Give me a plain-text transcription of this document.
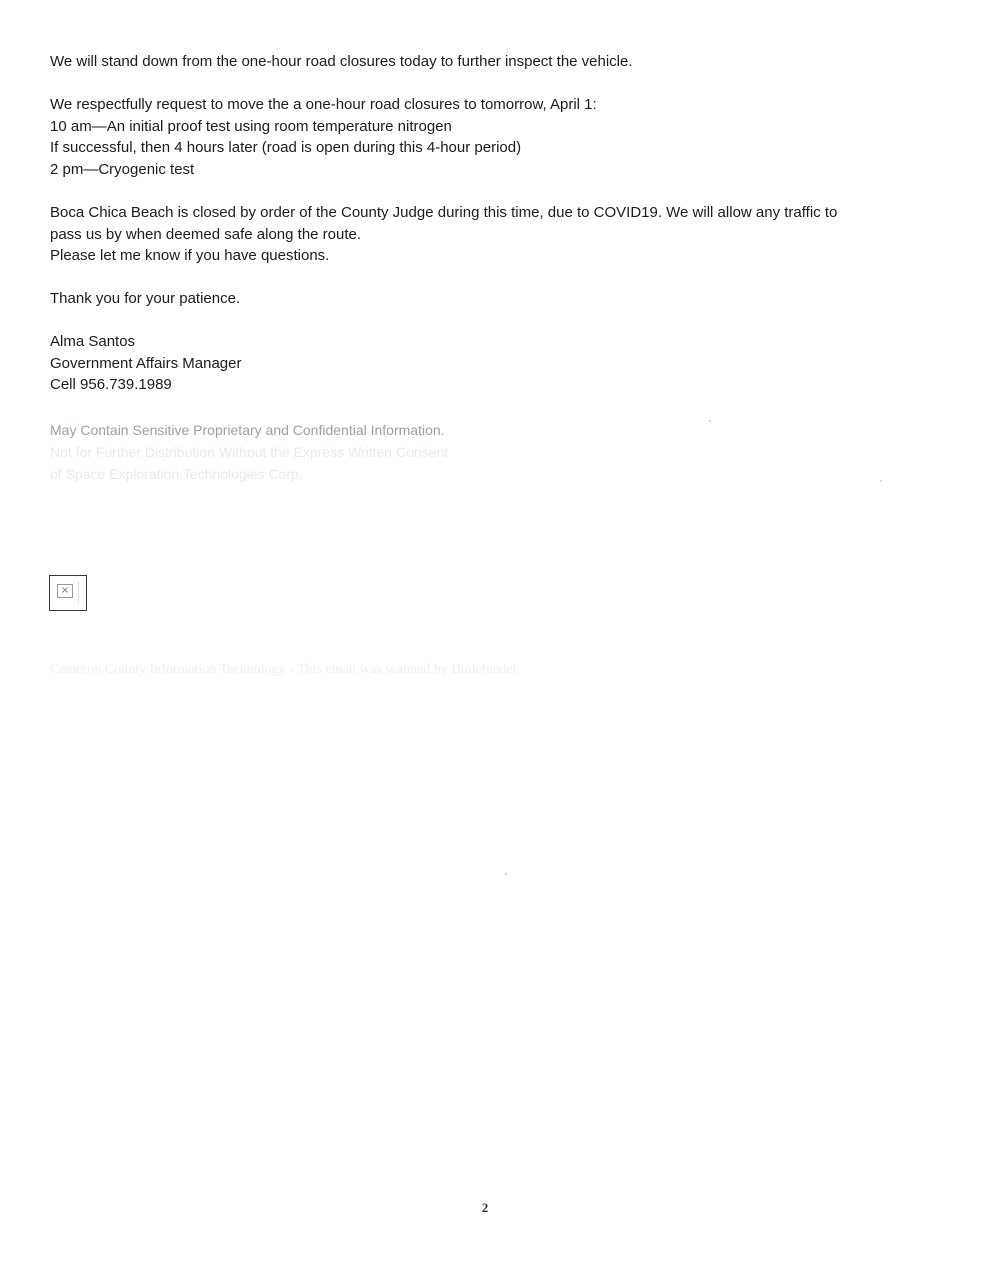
We will stand down from the one-hour road closures today to further inspect the vehicle.
We respectfully request to move the a one-hour road closures to tomorrow, April 1:
10 am—An initial proof test using room temperature nitrogen
If successful, then 4 hours later (road is open during this 4-hour period)
2 pm—Cryogenic test
Boca Chica Beach is closed by order of the County Judge during this time, due to COVID19. We will allow any traffic to
pass us by when deemed safe along the route.
Please let me know if you have questions.
Thank you for your patience.
Alma Santos
Government Affairs Manager
Cell 956.739.1989
May Contain Sensitive Proprietary and Confidential Information.
Not for Further Distribution Without the Express Written Consent
of Space Exploration Technologies Corp.
×
Cameron County Information Technology - This email was scanned by Bitdefender
2
